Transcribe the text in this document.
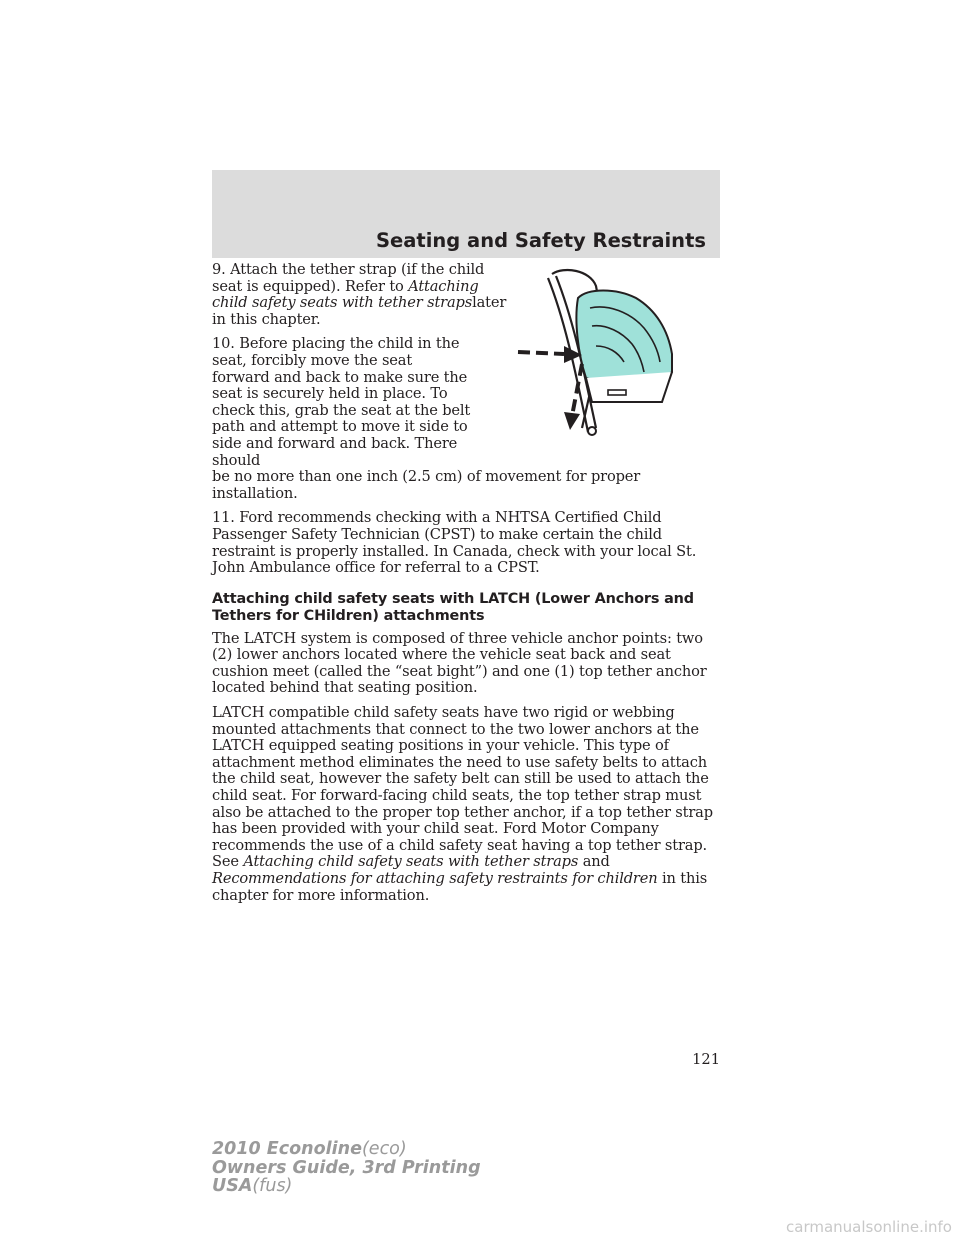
Seating and Safety Restraints

9. Attach the tether strap (if the child seat is equipped). Refer to Attaching child safety seats with tether strapslater in this chapter.

10. Before placing the child in the seat, forcibly move the seat forward and back to make sure the seat is securely held in place. To check this, grab the seat at the belt path and attempt to move it side to side and forward and back. There should
be no more than one inch (2.5 cm) of movement for proper installation.

11. Ford recommends checking with a NHTSA Certified Child Passenger Safety Technician (CPST) to make certain the child restraint is properly installed. In Canada, check with your local St. John Ambulance office for referral to a CPST.

Attaching child safety seats with LATCH (Lower Anchors and Tethers for CHildren) attachments

The LATCH system is composed of three vehicle anchor points: two (2) lower anchors located where the vehicle seat back and seat cushion meet (called the “seat bight”) and one (1) top tether anchor located behind that seating position.

LATCH compatible child safety seats have two rigid or webbing mounted attachments that connect to the two lower anchors at the LATCH equipped seating positions in your vehicle. This type of attachment method eliminates the need to use safety belts to attach the child seat, however the safety belt can still be used to attach the child seat. For forward-facing child seats, the top tether strap must also be attached to the proper top tether anchor, if a top tether strap has been provided with your child seat. Ford Motor Company recommends the use of a child safety seat having a top tether strap. See Attaching child safety seats with tether straps and Recommendations for attaching safety restraints for children in this chapter for more information.

121
2010 Econoline(eco)
Owners Guide, 3rd Printing
USA(fus)
carmanualsonline.info
